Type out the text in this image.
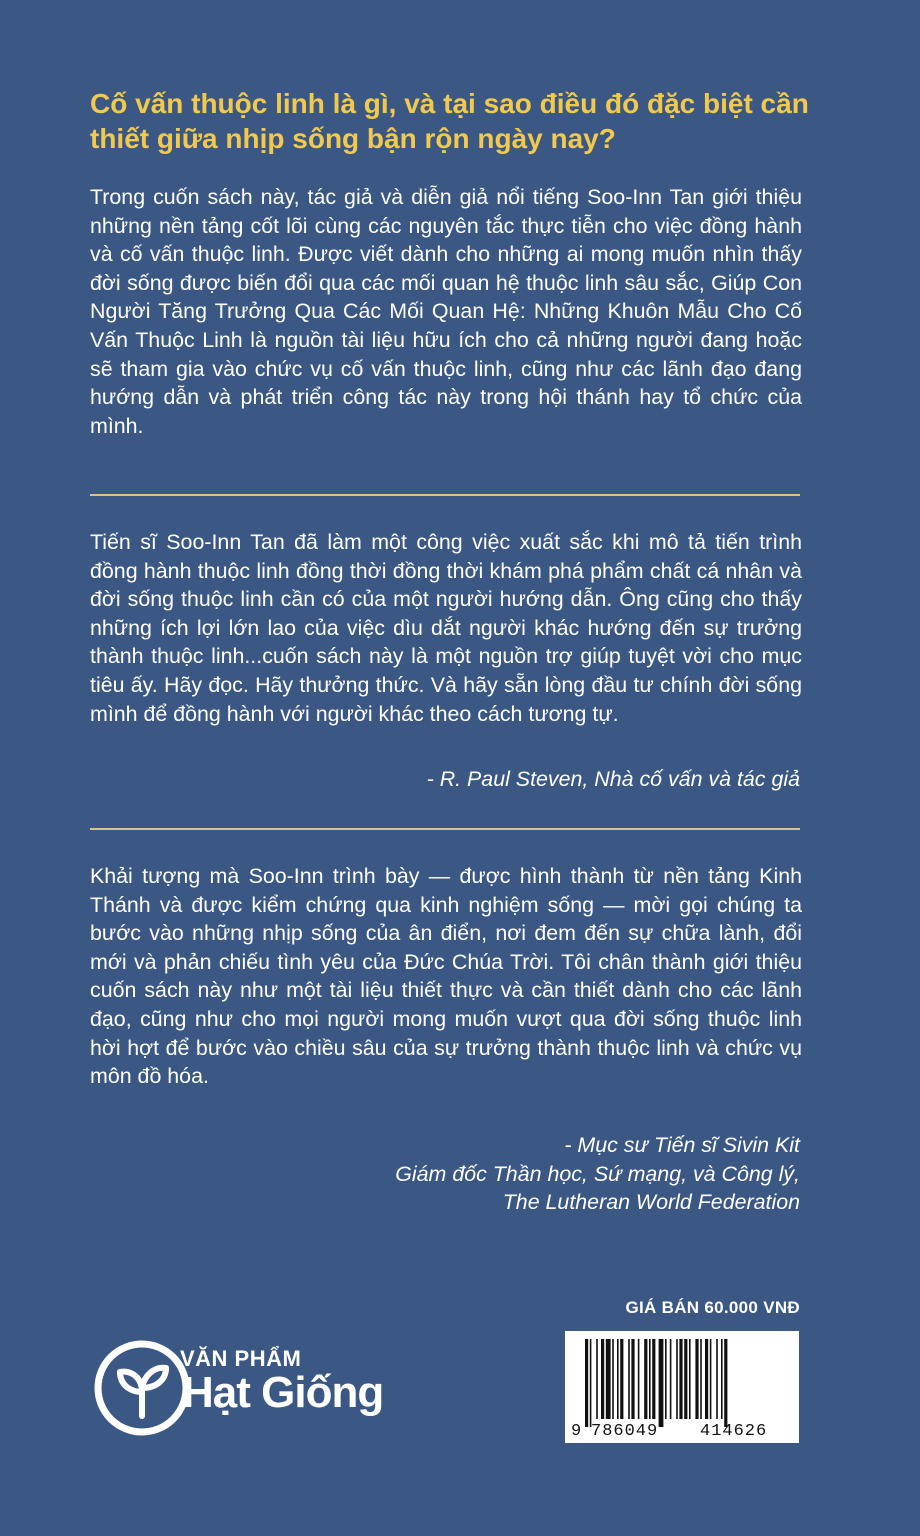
Cố vấn thuộc linh là gì, và tại sao điều đó đặc biệt cần thiết giữa nhịp sống bận rộn ngày nay?

Trong cuốn sách này, tác giả và diễn giả nổi tiếng Soo-Inn Tan giới thiệu những nền tảng cốt lõi cùng các nguyên tắc thực tiễn cho việc đồng hành và cố vấn thuộc linh. Được viết dành cho những ai mong muốn nhìn thấy đời sống được biến đổi qua các mối quan hệ thuộc linh sâu sắc, Giúp Con Người Tăng Trưởng Qua Các Mối Quan Hệ: Những Khuôn Mẫu Cho Cố Vấn Thuộc Linh là nguồn tài liệu hữu ích cho cả những người đang hoặc sẽ tham gia vào chức vụ cố vấn thuộc linh, cũng như các lãnh đạo đang hướng dẫn và phát triển công tác này trong hội thánh hay tổ chức của mình.

Tiến sĩ Soo-Inn Tan đã làm một công việc xuất sắc khi mô tả tiến trình đồng hành thuộc linh đồng thời đồng thời khám phá phẩm chất cá nhân và đời sống thuộc linh cần có của một người hướng dẫn. Ông cũng cho thấy những ích lợi lớn lao của việc dìu dắt người khác hướng đến sự trưởng thành thuộc linh...cuốn sách này là một nguồn trợ giúp tuyệt vời cho mục tiêu ấy. Hãy đọc. Hãy thưởng thức. Và hãy sẵn lòng đầu tư chính đời sống mình để đồng hành với người khác theo cách tương tự.

- R. Paul Steven, Nhà cố vấn và tác giả

Khải tượng mà Soo-Inn trình bày — được hình thành từ nền tảng Kinh Thánh và được kiểm chứng qua kinh nghiệm sống — mời gọi chúng ta bước vào những nhịp sống của ân điển, nơi đem đến sự chữa lành, đổi mới và phản chiếu tình yêu của Đức Chúa Trời. Tôi chân thành giới thiệu cuốn sách này như một tài liệu thiết thực và cần thiết dành cho các lãnh đạo, cũng như cho mọi người mong muốn vượt qua đời sống thuộc linh hời hợt để bước vào chiều sâu của sự trưởng thành thuộc linh và chức vụ môn đồ hóa.

- Mục sư Tiến sĩ Sivin Kit
Giám đốc Thần học, Sứ mạng, và Công lý,
The Lutheran World Federation

GIÁ BÁN 60.000 VNĐ
9 786049 414626
VĂN PHẨM
Hạt Giống
